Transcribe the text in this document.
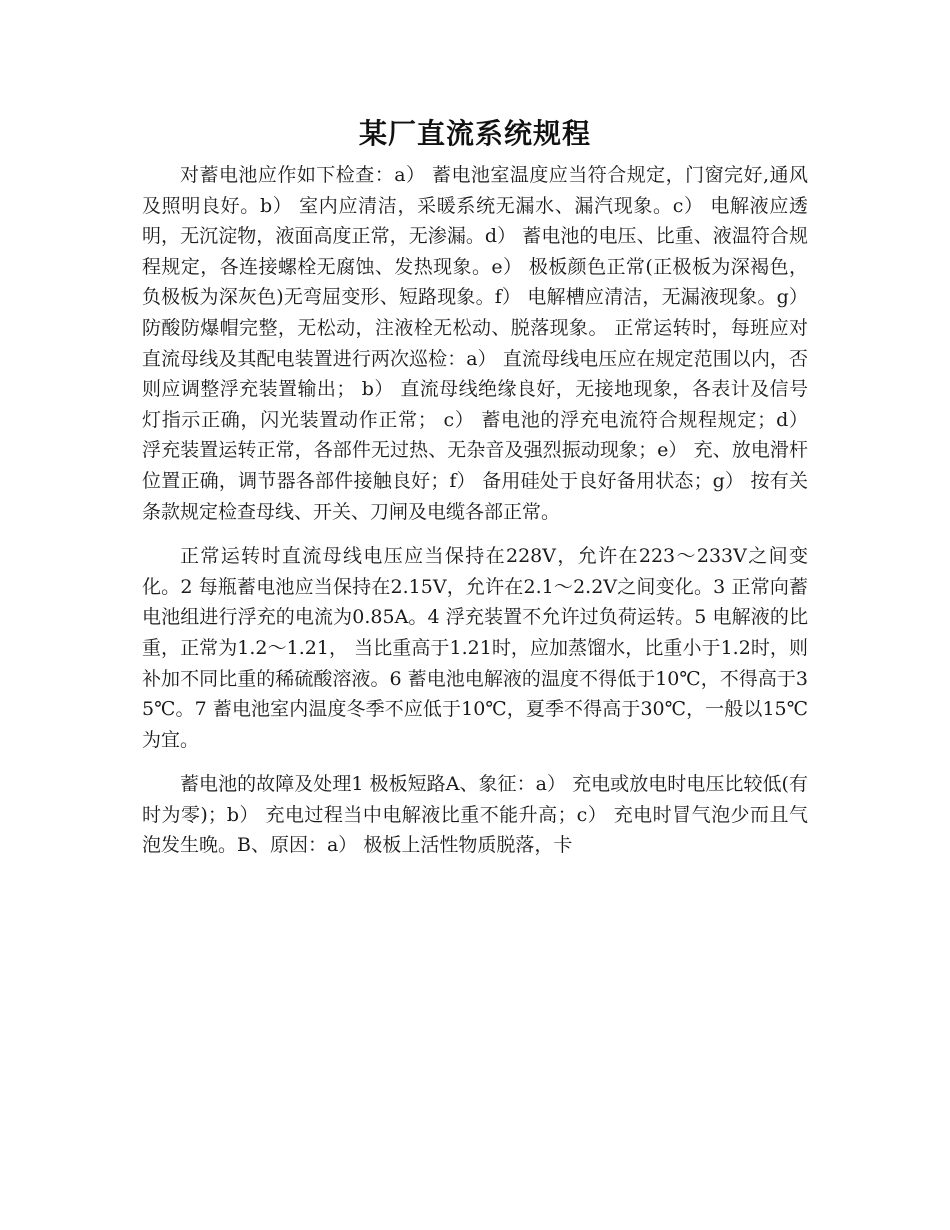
某厂直流系统规程

对蓄电池应作如下检查：a） 蓄电池室温度应当符合规定，门窗完好,通风及照明良好。b） 室内应清洁，采暖系统无漏水、漏汽现象。c） 电解液应透明，无沉淀物，液面高度正常，无渗漏。d） 蓄电池的电压、比重、液温符合规程规定，各连接螺栓无腐蚀、发热现象。e） 极板颜色正常(正极板为深褐色，负极板为深灰色)无弯屈变形、短路现象。f） 电解槽应清洁，无漏液现象。g） 防酸防爆帽完整，无松动，注液栓无松动、脱落现象。 正常运转时，每班应对直流母线及其配电装置进行两次巡检：a） 直流母线电压应在规定范围以内，否则应调整浮充装置输出； b） 直流母线绝缘良好，无接地现象，各表计及信号灯指示正确，闪光装置动作正常； c） 蓄电池的浮充电流符合规程规定；d） 浮充装置运转正常，各部件无过热、无杂音及强烈振动现象；e） 充、放电滑杆位置正确，调节器各部件接触良好；f） 备用硅处于良好备用状态；g） 按有关条款规定检查母线、开关、刀闸及电缆各部正常。

正常运转时直流母线电压应当保持在228V，允许在223～233V之间变化。2 每瓶蓄电池应当保持在2.15V，允许在2.1～2.2V之间变化。3 正常向蓄电池组进行浮充的电流为0.85A。4 浮充装置不允许过负荷运转。5 电解液的比重，正常为1.2～1.21， 当比重高于1.21时，应加蒸馏水，比重小于1.2时，则补加不同比重的稀硫酸溶液。6 蓄电池电解液的温度不得低于10℃，不得高于35℃。7 蓄电池室内温度冬季不应低于10℃，夏季不得高于30℃，一般以15℃为宜。

蓄电池的故障及处理1 极板短路A、象征：a） 充电或放电时电压比较低(有时为零)；b） 充电过程当中电解液比重不能升高；c） 充电时冒气泡少而且气泡发生晚。B、原因：a） 极板上活性物质脱落，卡
